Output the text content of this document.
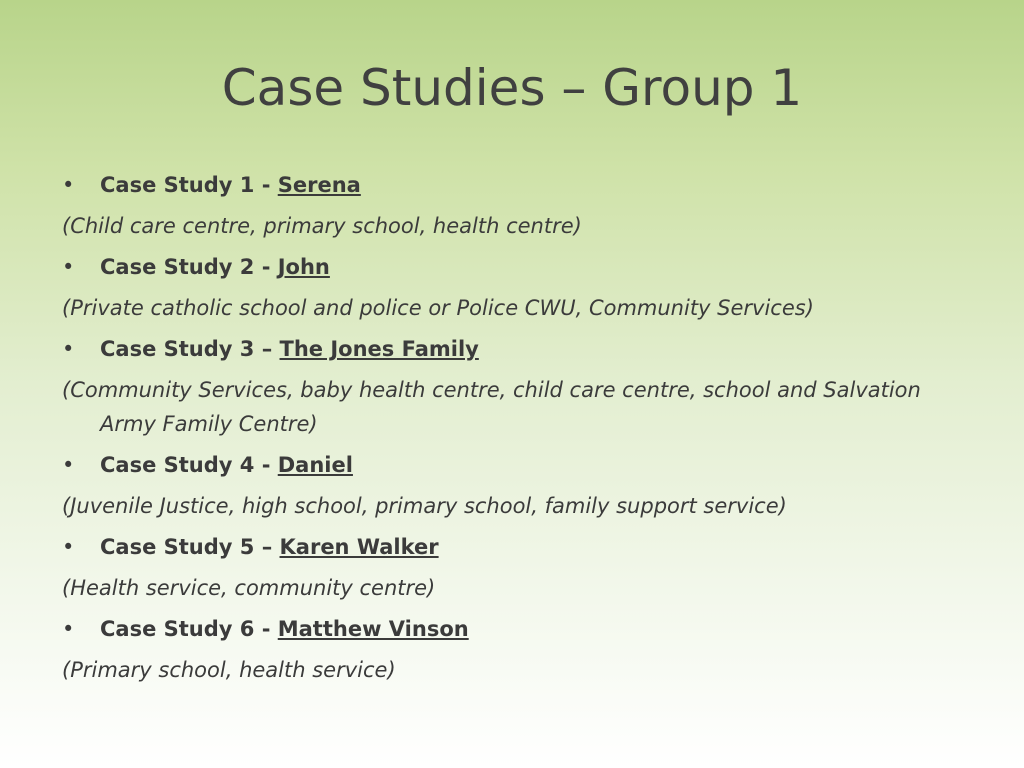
Case Studies – Group 1
• Case Study 1 - Serena
(Child care centre, primary school, health centre)
• Case Study 2 - John
(Private catholic school and police or Police CWU, Community Services)
• Case Study 3 – The Jones Family
(Community Services, baby health centre, child care centre, school and Salvation Army Family Centre)
• Case Study 4 - Daniel
(Juvenile Justice, high school, primary school, family support service)
• Case Study 5 – Karen Walker
(Health service, community centre)
• Case Study 6 - Matthew Vinson
(Primary school, health service)
